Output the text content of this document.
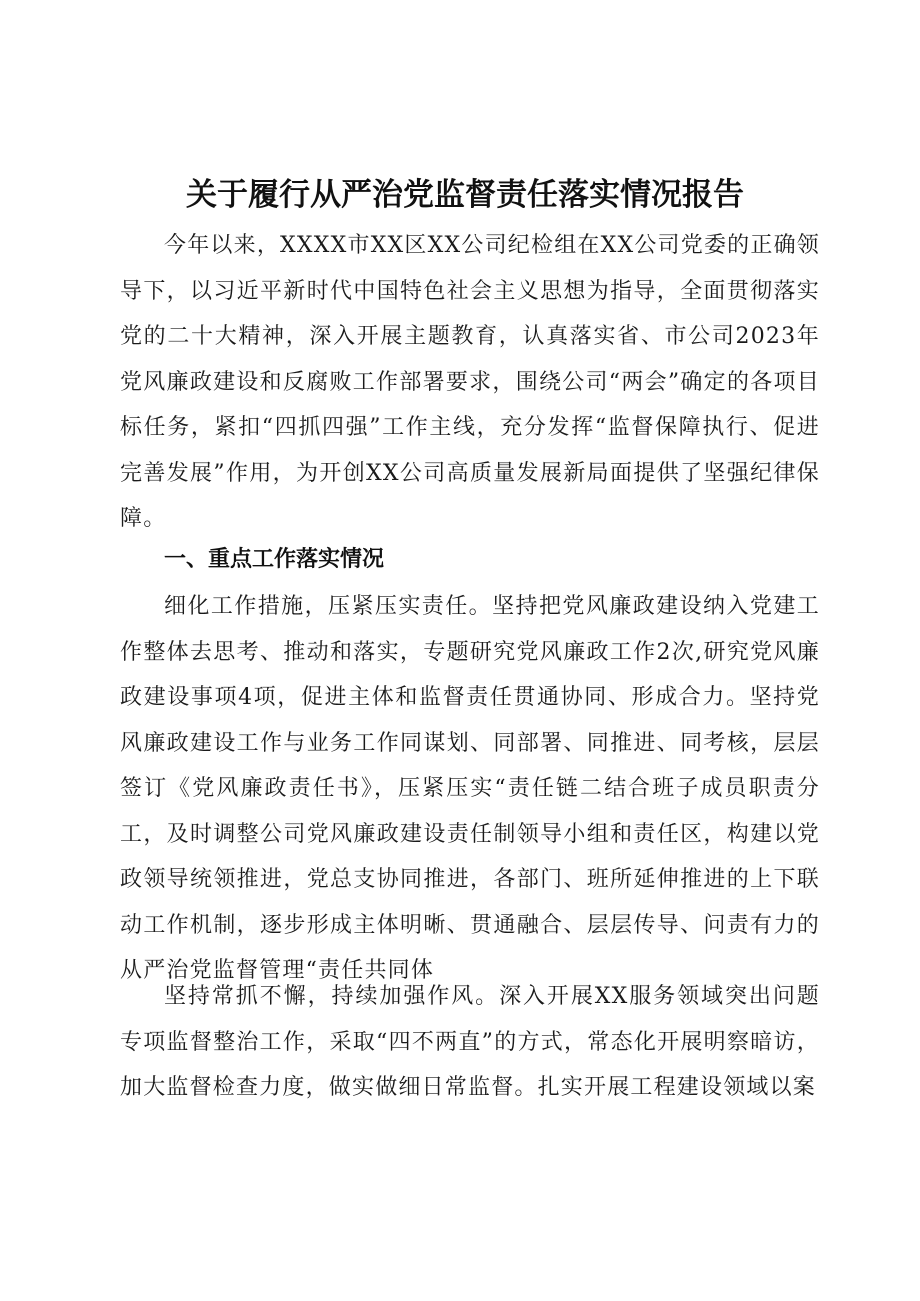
关于履行从严治党监督责任落实情况报告

今年以来，XXXX市XX区XX公司纪检组在XX公司党委的正确领导下，以习近平新时代中国特色社会主义思想为指导，全面贯彻落实党的二十大精神，深入开展主题教育，认真落实省、市公司2023年党风廉政建设和反腐败工作部署要求，围绕公司“两会”确定的各项目标任务，紧扣“四抓四强”工作主线，充分发挥“监督保障执行、促进完善发展”作用，为开创XX公司高质量发展新局面提供了坚强纪律保障。

一、重点工作落实情况

细化工作措施，压紧压实责任。坚持把党风廉政建设纳入党建工作整体去思考、推动和落实，专题研究党风廉政工作2次,研究党风廉政建设事项4项，促进主体和监督责任贯通协同、形成合力。坚持党风廉政建设工作与业务工作同谋划、同部署、同推进、同考核，层层签订《党风廉政责任书》，压紧压实“责任链二结合班子成员职责分工，及时调整公司党风廉政建设责任制领导小组和责任区，构建以党政领导统领推进，党总支协同推进，各部门、班所延伸推进的上下联动工作机制，逐步形成主体明晰、贯通融合、层层传导、问责有力的从严治党监督管理“责任共同体

坚持常抓不懈，持续加强作风。深入开展XX服务领域突出问题专项监督整治工作，采取“四不两直”的方式，常态化开展明察暗访，加大监督检查力度，做实做细日常监督。扎实开展工程建设领域以案
